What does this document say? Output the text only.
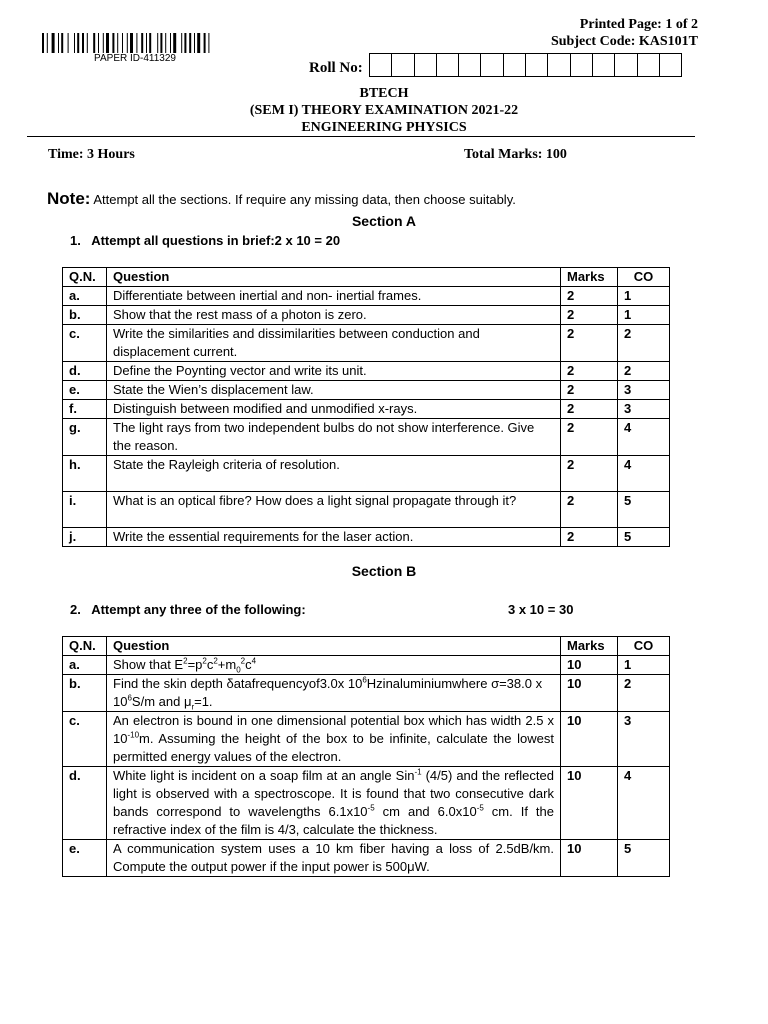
PAPER ID-411329
Printed Page: 1 of 2
Subject Code: KAS101T
Roll No:
BTECH
(SEM I) THEORY EXAMINATION 2021-22
ENGINEERING PHYSICS
Time: 3 Hours	Total Marks: 100
Note: Attempt all the sections. If require any missing data, then choose suitably.
Section A
1.   Attempt all questions in brief:2 x 10 = 20
Q.N.	Question	Marks	CO
a.	Differentiate between inertial and non- inertial frames.	2	1
b.	Show that the rest mass of a photon is zero.	2	1
c.	Write the similarities and dissimilarities between conduction and displacement current.	2	2
d.	Define the Poynting vector and write its unit.	2	2
e.	State the Wien’s displacement law.	2	3
f.	Distinguish between modified and unmodified x-rays.	2	3
g.	The light rays from two independent bulbs do not show interference. Give the reason.	2	4
h.	State the Rayleigh criteria of resolution.	2	4
i.	What is an optical fibre? How does a light signal propagate through it?	2	5
j.	Write the essential requirements for the laser action.	2	5
Section B
2.   Attempt any three of the following:	3 x 10 = 30
Q.N.	Question	Marks	CO
a.	Show that $E^2=p^2c^2+m_0^2c^4$	10	1
b.	Find the skin depth δatafrequencyof3.0x $10^6Hzinaluminiumwhere$ σ=38.0 x $10^6S/m$ and $\mu_r=1$.	10	2
c.	An electron is bound in one dimensional potential box which has width 2.5 x $10^{-10}m$. Assuming the height of the box to be infinite, calculate the lowest permitted energy values of the electron.	10	3
d.	White light is incident on a soap film at an angle Sin$^{-1}$ (4/5) and the reflected light is observed with a spectroscope. It is found that two consecutive dark bands correspond to wavelengths $6.1x10^{-5}$ cm and $6.0x10^{-5}$ cm. If the refractive index of the film is 4/3, calculate the thickness.	10	4
e.	A communication system uses a 10 km fiber having a loss of 2.5dB/km. Compute the output power if the input power is 500μW.	10	5
